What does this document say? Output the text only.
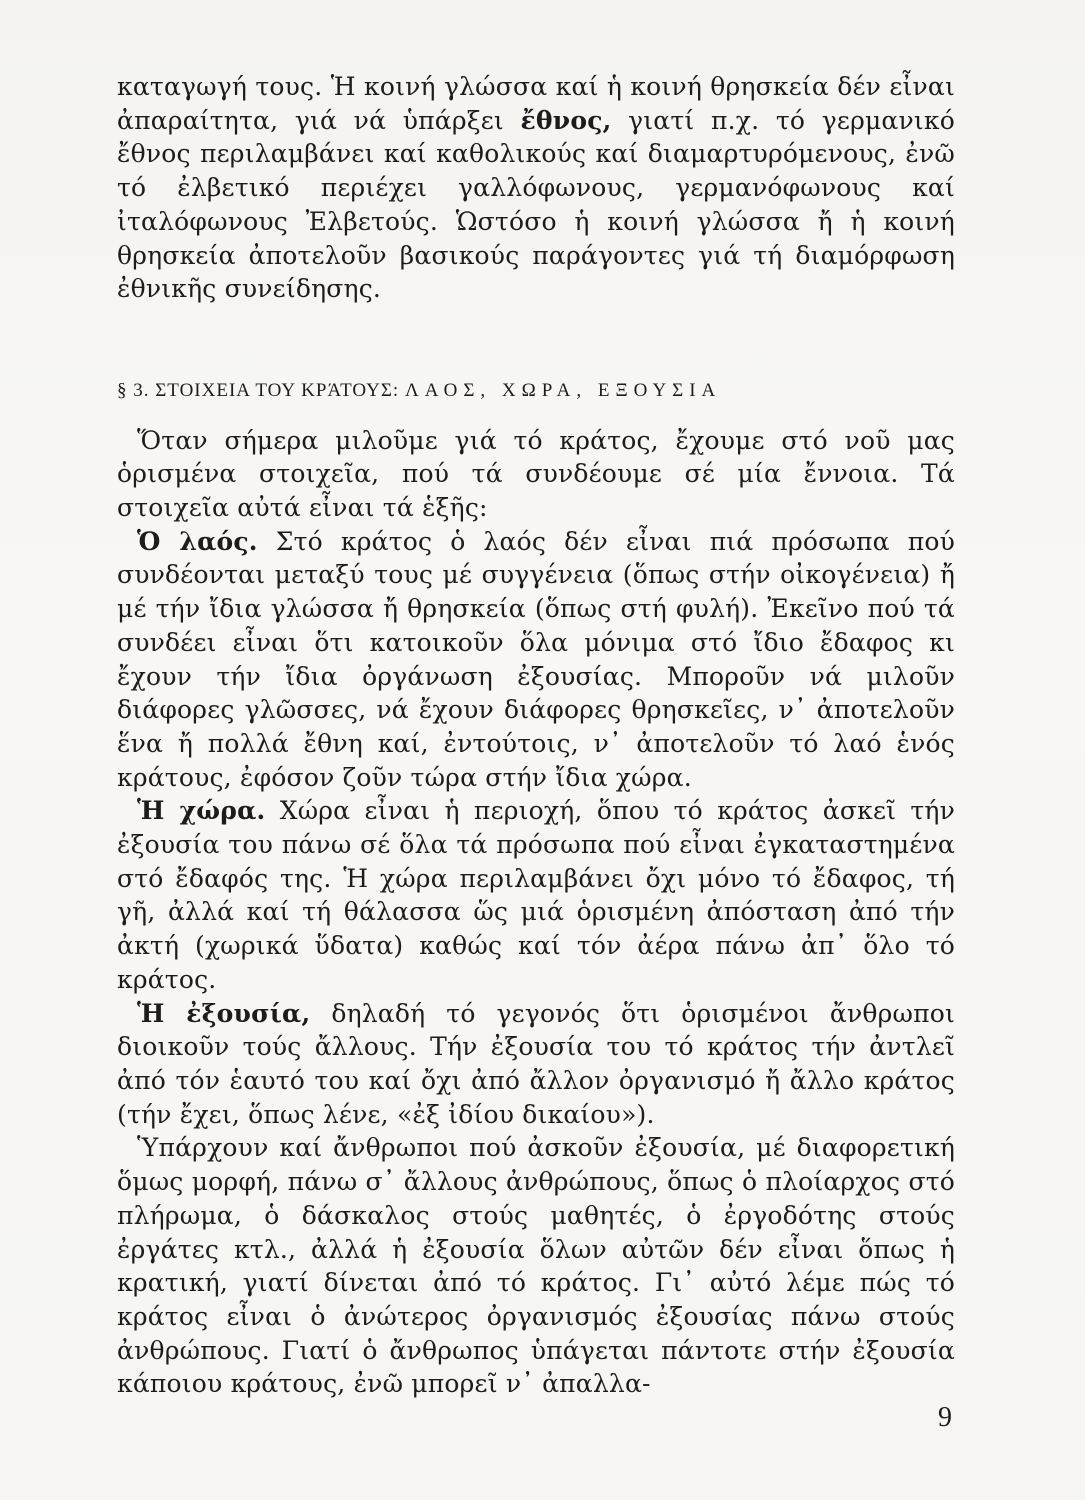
καταγωγή τους. Ἡ κοινή γλώσσα καί ἡ κοινή θρησκεία δέν εἶναι ἀπαραίτητα, γιά νά ὑπάρξει ἔθνος, γιατί π.χ. τό γερμανικό ἔθνος περιλαμβάνει καί καθολικούς καί διαμαρτυρόμενους, ἐνῶ τό ἐλβετικό περιέχει γαλλόφωνους, γερμανόφωνους καί ἰταλόφωνους Ἐλβετούς. Ὡστόσο ἡ κοινή γλώσσα ἤ ἡ κοινή θρησκεία ἀποτελοῦν βασικούς παράγοντες γιά τή διαμόρφωση ἐθνικῆς συνείδησης.

§ 3. ΣΤΟΙΧΕΙΑ ΤΟΥ ΚΡΆΤΟΥΣ: ΛΑΟΣ, ΧΩΡΑ, ΕΞΟΥΣΙΑ

Ὅταν σήμερα μιλοῦμε γιά τό κράτος, ἔχουμε στό νοῦ μας ὁρισμένα στοιχεῖα, πού τά συνδέουμε σέ μία ἔννοια. Τά στοιχεῖα αὐτά εἶναι τά ἑξῆς:

Ὁ λαός. Στό κράτος ὁ λαός δέν εἶναι πιά πρόσωπα πού συνδέονται μεταξύ τους μέ συγγένεια (ὅπως στήν οἰκογένεια) ἤ μέ τήν ἴδια γλώσσα ἤ θρησκεία (ὅπως στή φυλή). Ἐκεῖνο πού τά συνδέει εἶναι ὅτι κατοικοῦν ὅλα μόνιμα στό ἴδιο ἔδαφος κι ἔχουν τήν ἴδια ὀργάνωση ἐξουσίας. Μποροῦν νά μιλοῦν διάφορες γλῶσσες, νά ἔχουν διάφορες θρησκεῖες, ν᾽ ἀποτελοῦν ἕνα ἤ πολλά ἔθνη καί, ἐντούτοις, ν᾽ ἀποτελοῦν τό λαό ἑνός κράτους, ἐφόσον ζοῦν τώρα στήν ἴδια χώρα.

Ἡ χώρα. Χώρα εἶναι ἡ περιοχή, ὅπου τό κράτος ἀσκεῖ τήν ἐξουσία του πάνω σέ ὅλα τά πρόσωπα πού εἶναι ἐγκαταστημένα στό ἔδαφός της. Ἡ χώρα περιλαμβάνει ὄχι μόνο τό ἔδαφος, τή γῆ, ἀλλά καί τή θάλασσα ὥς μιά ὁρισμένη ἀπόσταση ἀπό τήν ἀκτή (χωρικά ὕδατα) καθώς καί τόν ἀέρα πάνω ἀπ᾽ ὅλο τό κράτος.

Ἡ ἐξουσία, δηλαδή τό γεγονός ὅτι ὁρισμένοι ἄνθρωποι διοικοῦν τούς ἄλλους. Τήν ἐξουσία του τό κράτος τήν ἀντλεῖ ἀπό τόν ἑαυτό του καί ὄχι ἀπό ἄλλον ὀργανισμό ἤ ἄλλο κράτος (τήν ἔχει, ὅπως λένε, «ἐξ ἰδίου δικαίου»).

Ὑπάρχουν καί ἄνθρωποι πού ἀσκοῦν ἐξουσία, μέ διαφορετική ὅμως μορφή, πάνω σ᾽ ἄλλους ἀνθρώπους, ὅπως ὁ πλοίαρχος στό πλήρωμα, ὁ δάσκαλος στούς μαθητές, ὁ ἐργοδότης στούς ἐργάτες κτλ., ἀλλά ἡ ἐξουσία ὅλων αὐτῶν δέν εἶναι ὅπως ἡ κρατική, γιατί δίνεται ἀπό τό κράτος. Γι᾽ αὐτό λέμε πώς τό κράτος εἶναι ὁ ἀνώτερος ὀργανισμός ἐξουσίας πάνω στούς ἀνθρώπους. Γιατί ὁ ἄνθρωπος ὑπάγεται πάντοτε στήν ἐξουσία κάποιου κράτους, ἐνῶ μπορεῖ ν᾽ ἀπαλλα-

9
